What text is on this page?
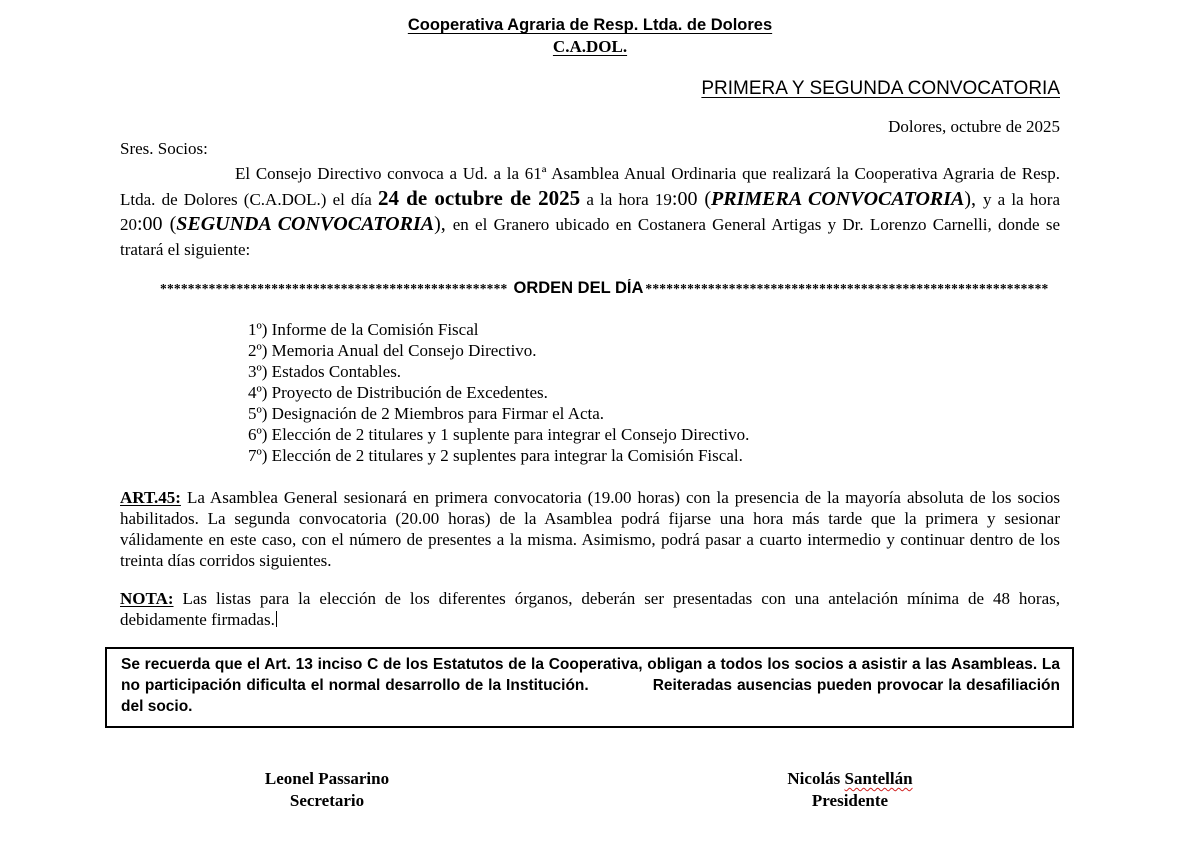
Cooperativa Agraria de Resp. Ltda. de Dolores
C.A.DOL.
PRIMERA Y SEGUNDA CONVOCATORIA
Dolores, octubre de 2025
Sres. Socios:

El Consejo Directivo convoca a Ud. a la 61ª Asamblea Anual Ordinaria que realizará la Cooperativa Agraria de Resp. Ltda. de Dolores (C.A.DOL.) el día 24 de octubre de 2025 a la hora 19:00 (PRIMERA CONVOCATORIA), y a la hora 20:00 (SEGUNDA CONVOCATORIA), en el Granero ubicado en Costanera General Artigas y Dr. Lorenzo Carnelli, donde se tratará el siguiente:

************************************************** ORDEN DEL DÍA **********************************************************
1º) Informe de la Comisión Fiscal
2º) Memoria Anual del Consejo Directivo.
3º) Estados Contables.
4º) Proyecto de Distribución de Excedentes.
5º) Designación de 2 Miembros para Firmar el Acta.
6º) Elección de 2 titulares y 1 suplente para integrar el Consejo Directivo.
7º) Elección de 2 titulares y 2 suplentes para integrar la Comisión Fiscal.

ART.45: La Asamblea General sesionará en primera convocatoria (19.00 horas) con la presencia de la mayoría absoluta de los socios habilitados. La segunda convocatoria (20.00 horas) de la Asamblea podrá fijarse una hora más tarde que la primera y sesionar válidamente en este caso, con el número de presentes a la misma. Asimismo, podrá pasar a cuarto intermedio y continuar dentro de los treinta días corridos siguientes.

NOTA: Las listas para la elección de los diferentes órganos, deberán ser presentadas con una antelación mínima de 48 horas, debidamente firmadas.

Se recuerda que el Art. 13 inciso C de los Estatutos de la Cooperativa, obligan a todos los socios a asistir a las Asambleas. La no participación dificulta el normal desarrollo de la Institución.	Reiteradas ausencias pueden provocar la desafiliación del socio.
Leonel Passarino
Secretario
Nicolás Santellán
Presidente
